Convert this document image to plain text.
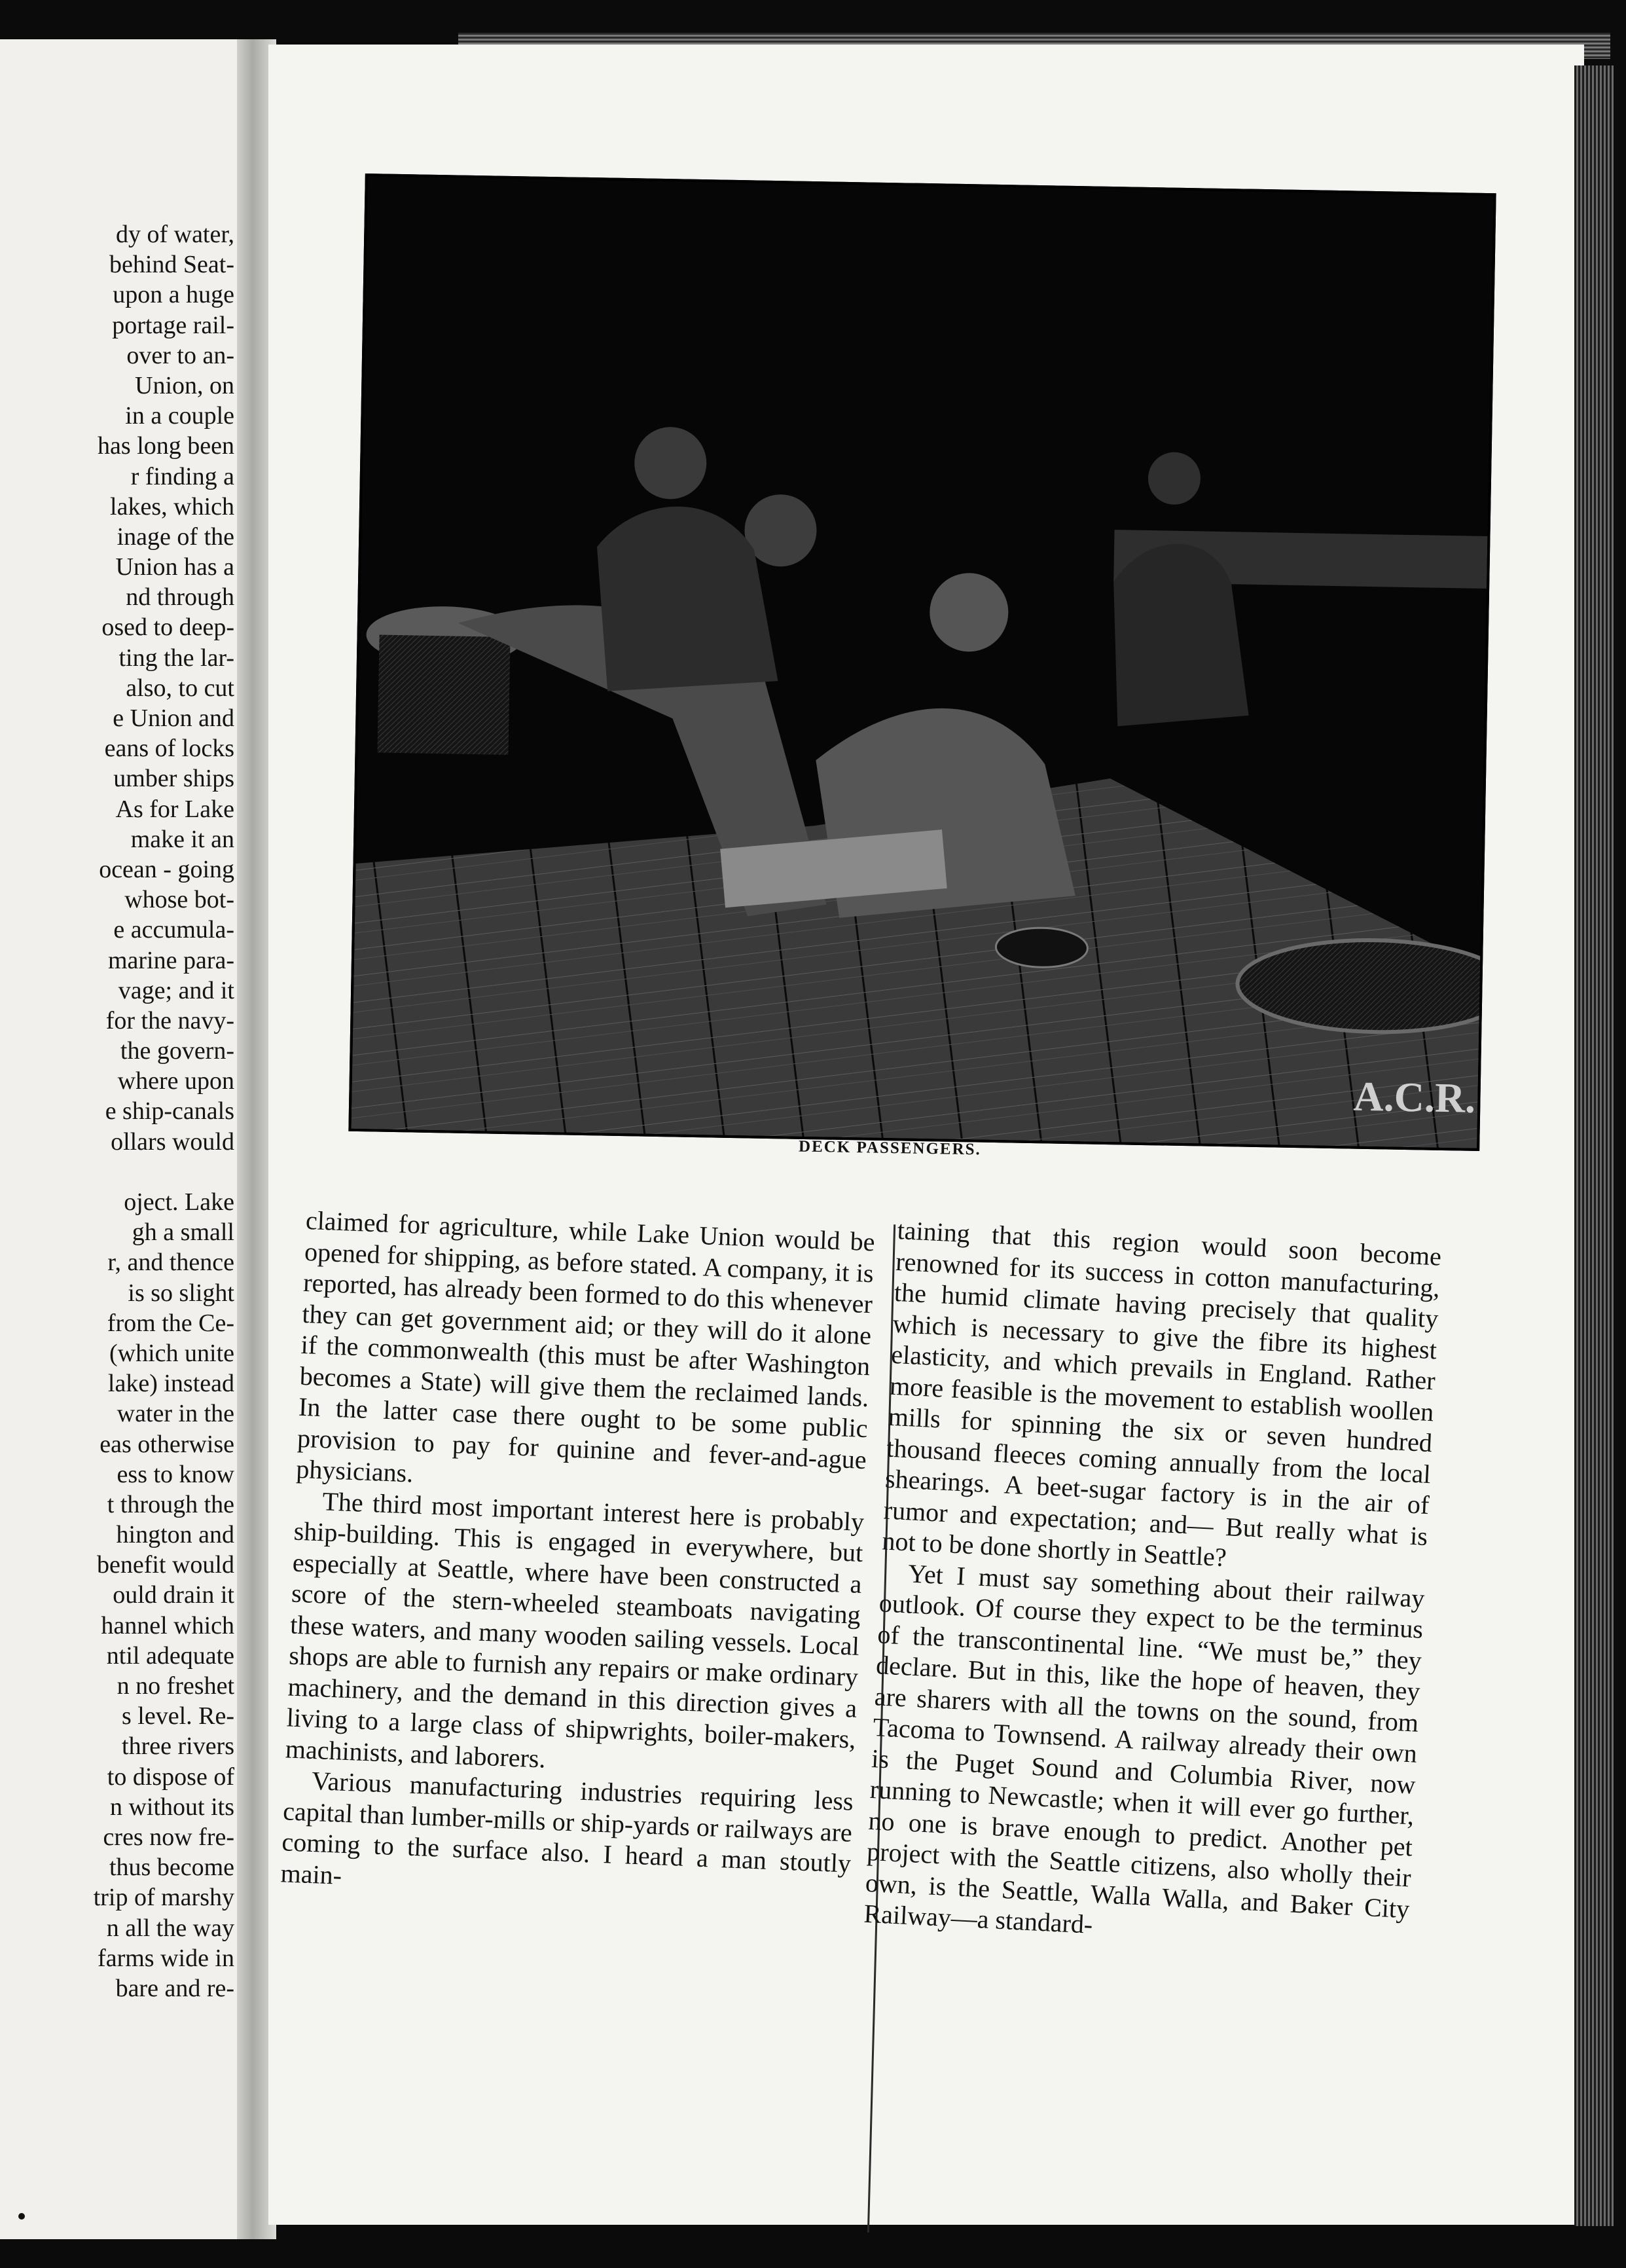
dy of water,
behind Seat-
upon a huge
portage rail-
over to an-
Union, on
in a couple
has long been
r finding a
lakes, which
inage of the
Union has a
nd through
osed to deep-
ting the lar-
also, to cut
e Union and
eans of locks
umber ships
As for Lake
make it an
ocean - going
whose bot-
e accumula-
marine para-
vage; and it
for the navy-
the govern-
where upon
e ship-canals
ollars would
oject. Lake
gh a small
r, and thence
is so slight
from the Ce-
(which unite
lake) instead
water in the
eas otherwise
ess to know
t through the
hington and
benefit would
ould drain it
hannel which
ntil adequate
n no freshet
s level. Re-
three rivers
to dispose of
n without its
cres now fre-
thus become
trip of marshy
n all the way
farms wide in
bare and re-
A.C.R.
DECK PASSENGERS.

claimed for agriculture, while Lake Union would be opened for shipping, as before stated. A company, it is reported, has already been formed to do this whenever they can get government aid; or they will do it alone if the commonwealth (this must be after Washington becomes a State) will give them the reclaimed lands. In the latter case there ought to be some public provision to pay for quinine and fever-and-ague physicians.

The third most important interest here is probably ship-building. This is engaged in everywhere, but especially at Seattle, where have been constructed a score of the stern-wheeled steamboats navigating these waters, and many wooden sailing vessels. Local shops are able to furnish any repairs or make ordinary machinery, and the demand in this direction gives a living to a large class of shipwrights, boiler-makers, machinists, and laborers.

Various manufacturing industries requiring less capital than lumber-mills or ship-yards or railways are coming to the surface also. I heard a man stoutly main-

taining that this region would soon become renowned for its success in cotton manufacturing, the humid climate having precisely that quality which is necessary to give the fibre its highest elasticity, and which prevails in England. Rather more feasible is the movement to establish woollen mills for spinning the six or seven hundred thousand fleeces coming annually from the local shearings. A beet-sugar factory is in the air of rumor and expectation; and— But really what is not to be done shortly in Seattle?

Yet I must say something about their railway outlook. Of course they expect to be the terminus of the transcontinental line. “We must be,” they declare. But in this, like the hope of heaven, they are sharers with all the towns on the sound, from Tacoma to Townsend. A railway already their own is the Puget Sound and Columbia River, now running to Newcastle; when it will ever go further, no one is brave enough to predict. Another pet project with the Seattle citizens, also wholly their own, is the Seattle, Walla Walla, and Baker City Railway—a standard-
